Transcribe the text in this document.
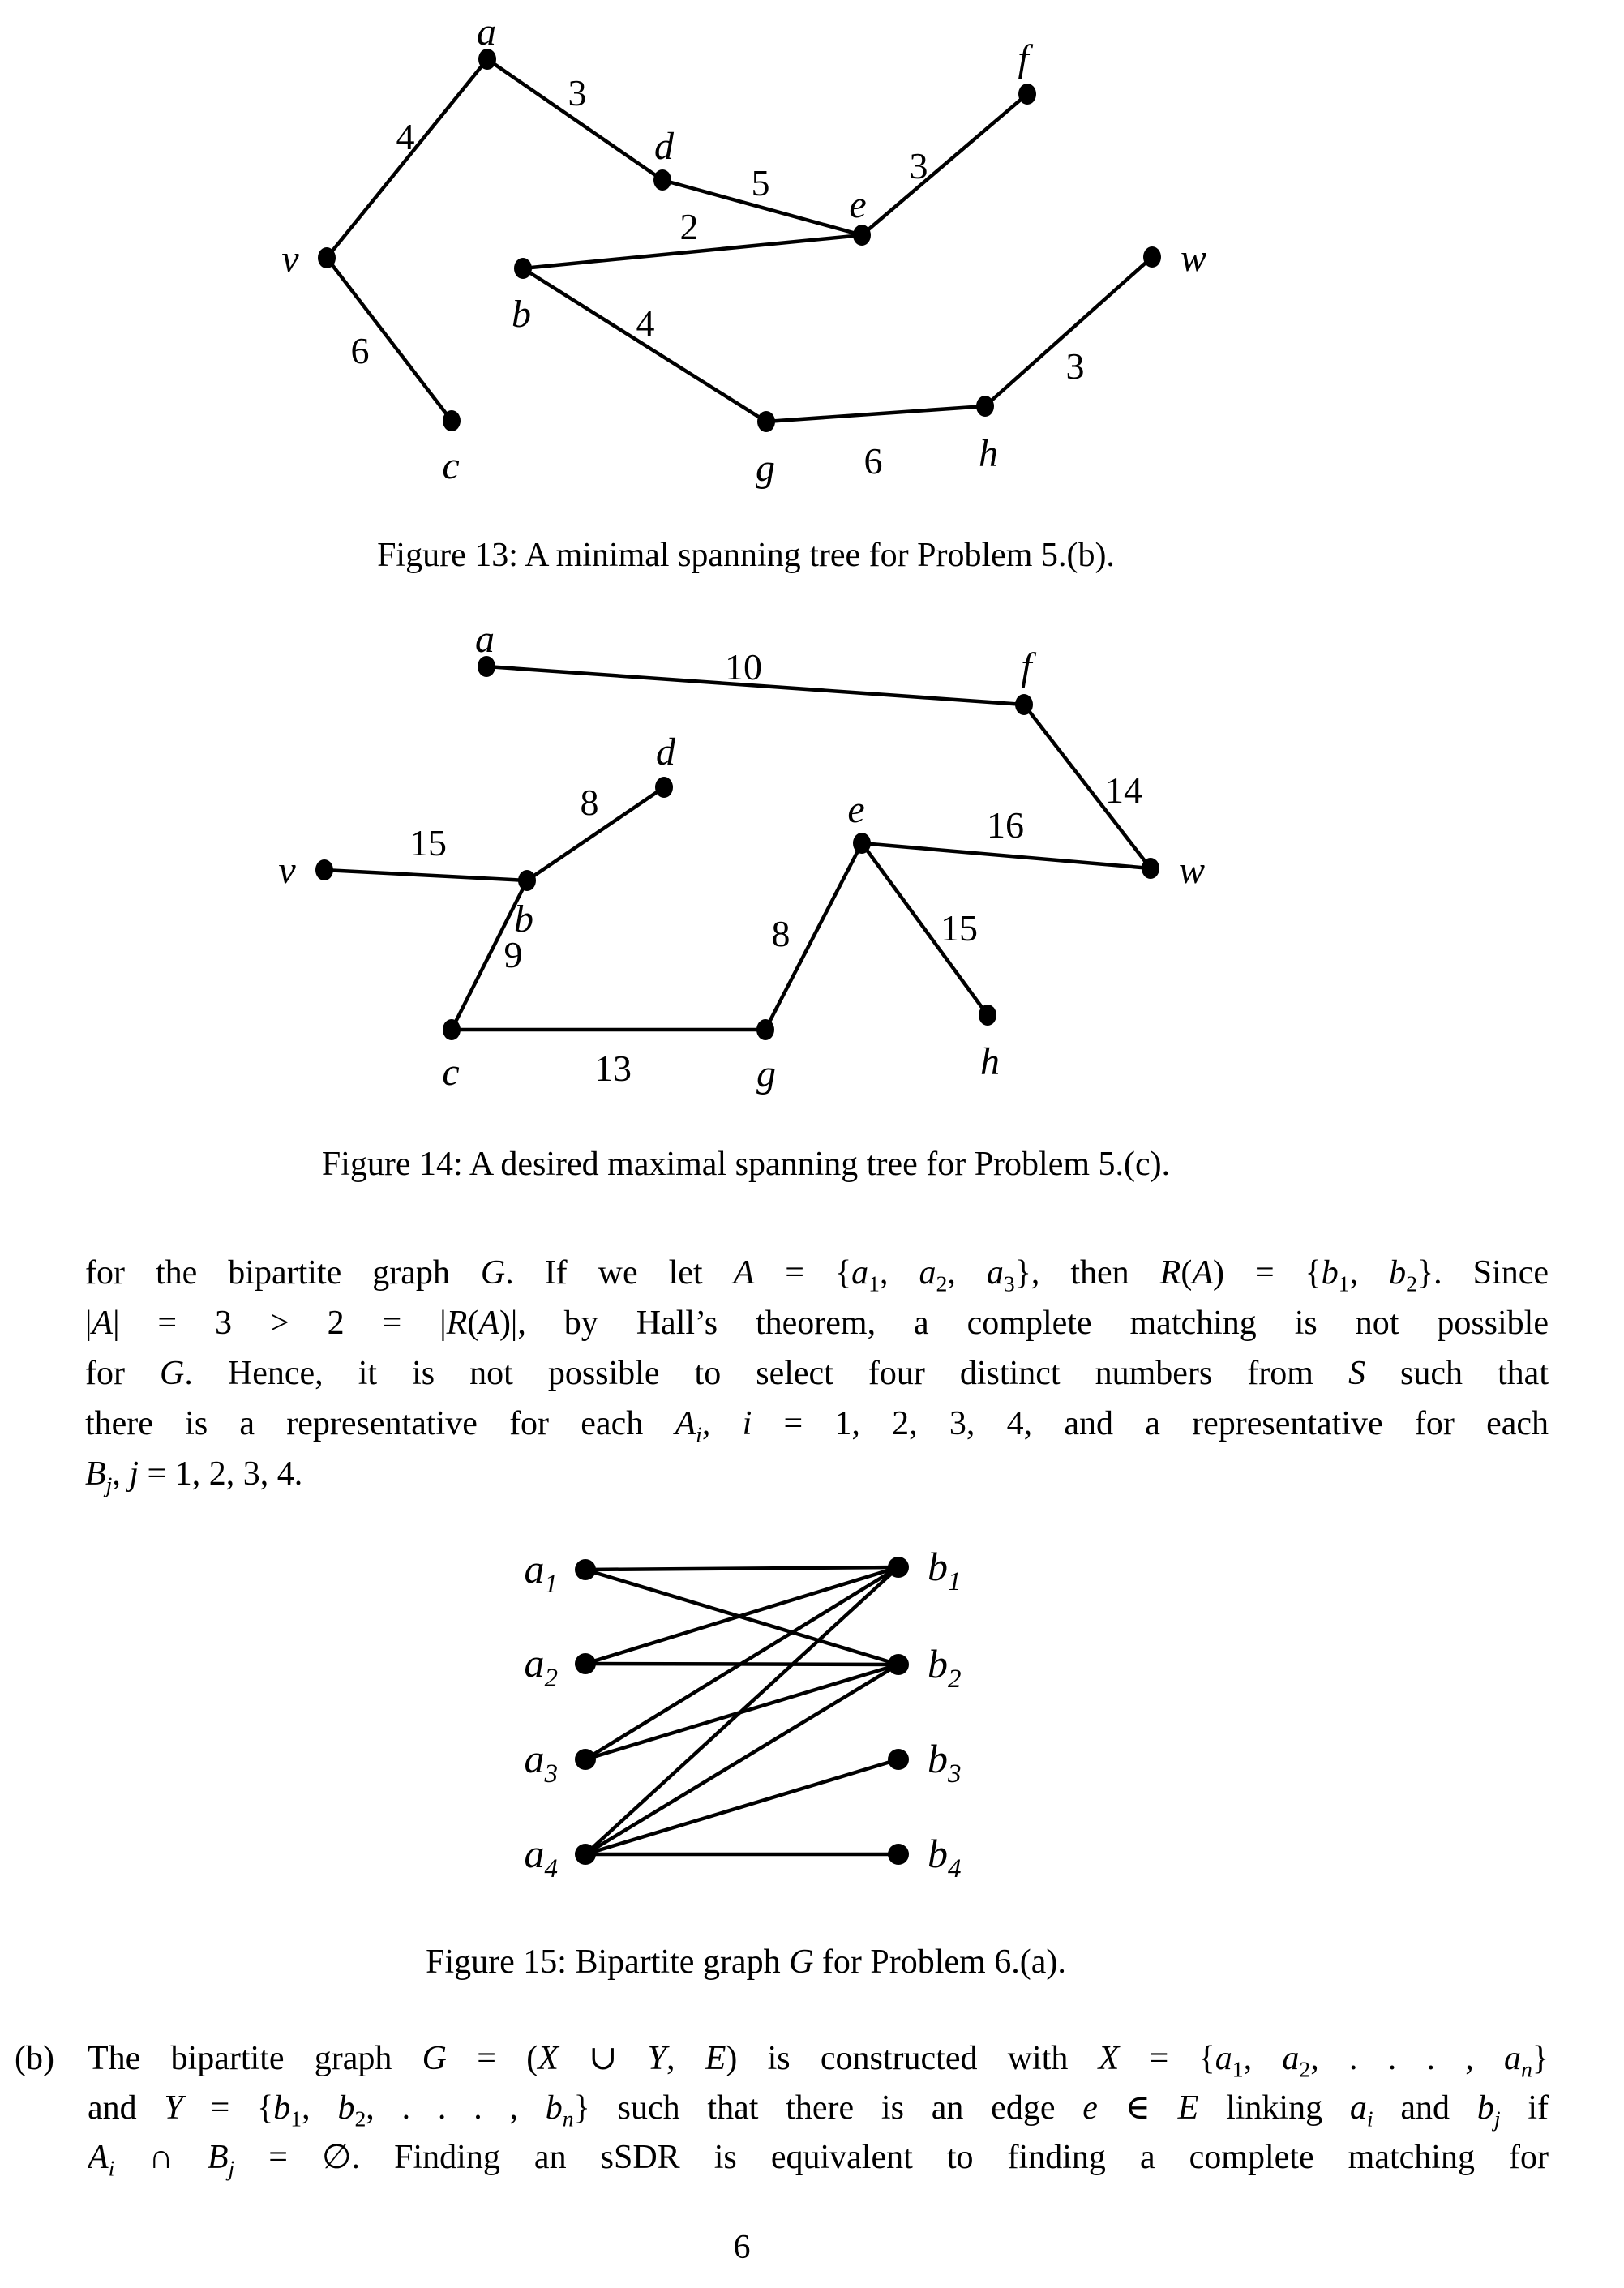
4
3
5	3
2
6
4
6
3
a
d
e
f
v
b
w
c	g	h
10
14
8
15	16
9
8	15
13
a
f
d
e
v
b
w
c	g	h
$a_1$
$a_2$
$a_3$
$a_4$
$b_1$
$b_2$
$b_3$
$b_4$
Figure 13: A minimal spanning tree for Problem 5.(b).
Figure 14: A desired maximal spanning tree for Problem 5.(c).
for the bipartite graph G. If we let $A = \{a_1$, $a_2$, $a_3$}, then $R(A) = \{b_1$, $b_2$}. Since
|A| = 3 > 2 = |R(A)|, by Hall’s theorem, a complete matching is not possible
for G. Hence, it is not possible to select four distinct numbers from S such that
there is a representative for each $A_i$, i = 1, 2, 3, 4, and a representative for each
$B_j$, j = 1, 2, 3, 4.
Figure 15: Bipartite graph G for Problem 6.(a).
(b) The bipartite graph G = (X ∪ Y, E) is constructed with $X = \{a_1$, $a_2$, . . . , $a_n$}
and $Y = \{b_1$, $b_2$, . . . , $b_n$} such that there is an edge e ∈ E linking $a_i$ and $b_j$ if
$A_i$ ∩ $B_j$ = ∅. Finding an sSDR is equivalent to finding a complete matching for
6
